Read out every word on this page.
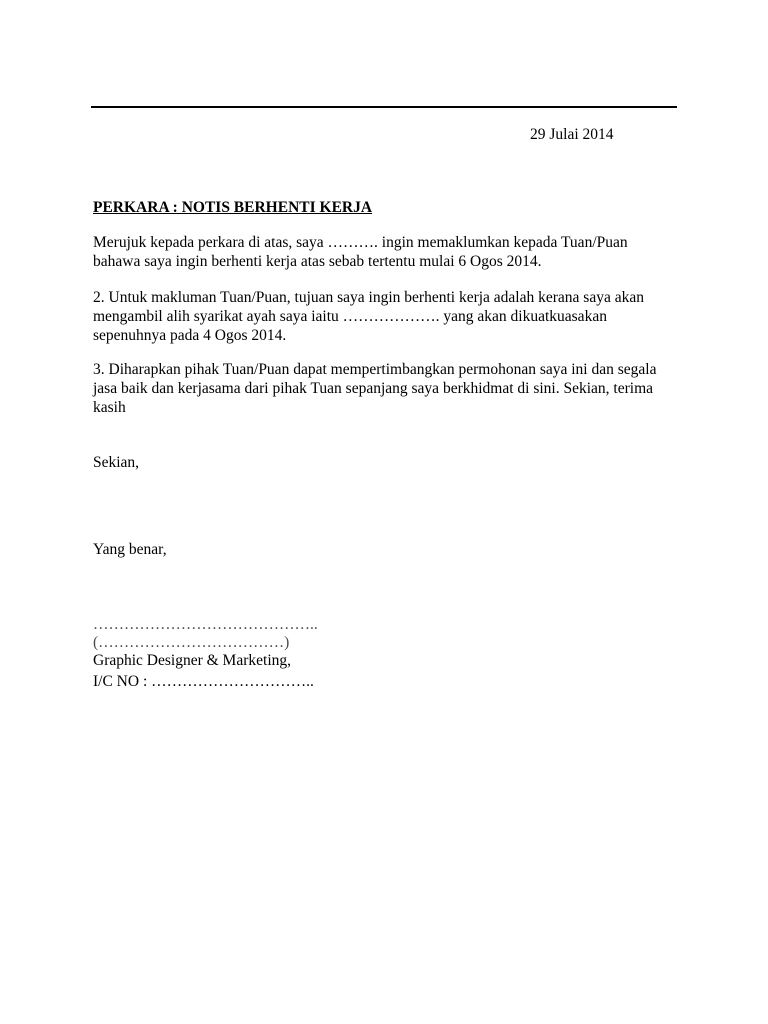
29 Julai 2014
PERKARA : NOTIS BERHENTI KERJA
Merujuk kepada perkara di atas, saya ………. ingin memaklumkan kepada Tuan/Puan
bahawa saya ingin berhenti kerja atas sebab tertentu mulai 6 Ogos 2014.
2. Untuk makluman Tuan/Puan, tujuan saya ingin berhenti kerja adalah kerana saya akan
mengambil alih syarikat ayah saya iaitu ………………. yang akan dikuatkuasakan
sepenuhnya pada 4 Ogos 2014.
3. Diharapkan pihak Tuan/Puan dapat mempertimbangkan permohonan saya ini dan segala
jasa baik dan kerjasama dari pihak Tuan sepanjang saya berkhidmat di sini. Sekian, terima
kasih
Sekian,
Yang benar,
……………………………………..
(………………………………)
Graphic Designer & Marketing,
I/C NO : …………………………..
